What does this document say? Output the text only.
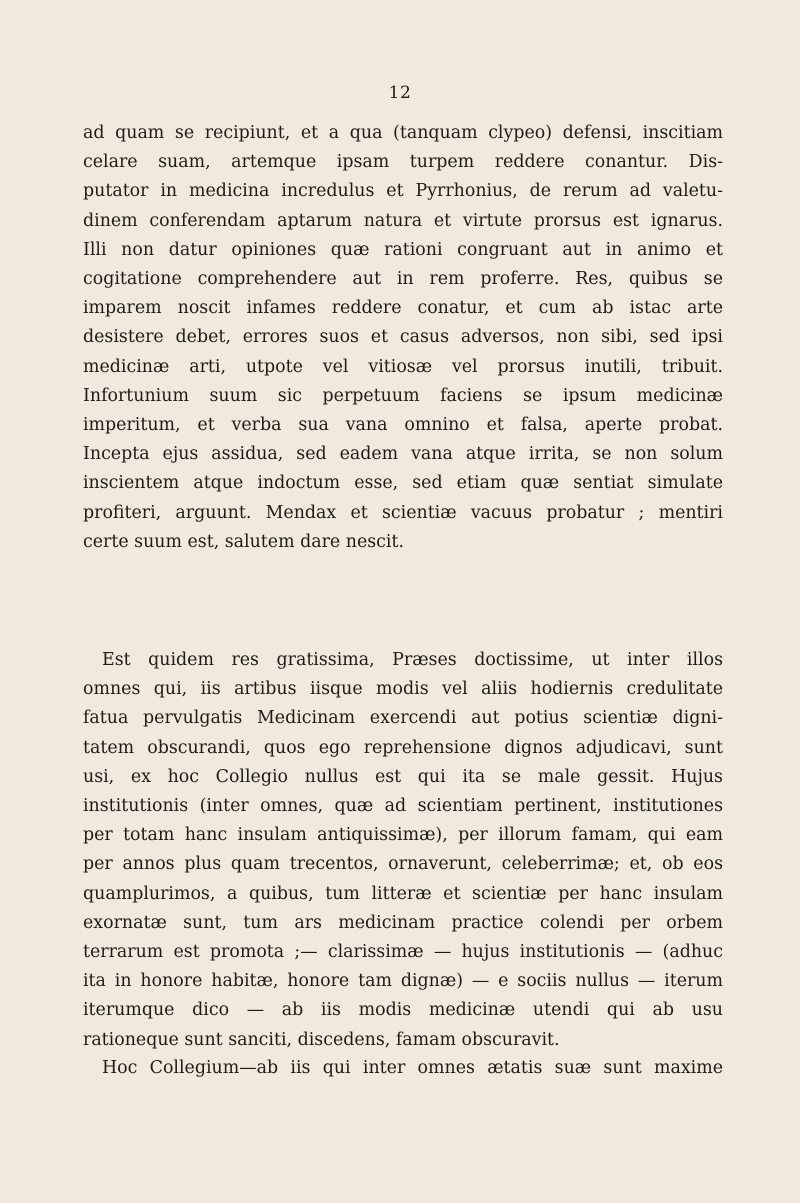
12
ad quam se recipiunt, et a qua (tanquam clypeo) defensi, inscitiam
celare suam, artemque ipsam turpem reddere conantur. Dis-
putator in medicina incredulus et Pyrrhonius, de rerum ad valetu-
dinem conferendam aptarum natura et virtute prorsus est ignarus.
Illi non datur opiniones quæ rationi congruant aut in animo et
cogitatione comprehendere aut in rem proferre. Res, quibus se
imparem noscit infames reddere conatur, et cum ab istac arte
desistere debet, errores suos et casus adversos, non sibi, sed ipsi
medicinæ arti, utpote vel vitiosæ vel prorsus inutili, tribuit.
Infortunium suum sic perpetuum faciens se ipsum medicinæ
imperitum, et verba sua vana omnino et falsa, aperte probat.
Incepta ejus assidua, sed eadem vana atque irrita, se non solum
inscientem atque indoctum esse, sed etiam quæ sentiat simulate
profiteri, arguunt. Mendax et scientiæ vacuus probatur ; mentiri
certe suum est, salutem dare nescit.
Est quidem res gratissima, Præses doctissime, ut inter illos
omnes qui, iis artibus iisque modis vel aliis hodiernis credulitate
fatua pervulgatis Medicinam exercendi aut potius scientiæ digni-
tatem obscurandi, quos ego reprehensione dignos adjudicavi, sunt
usi, ex hoc Collegio nullus est qui ita se male gessit. Hujus
institutionis (inter omnes, quæ ad scientiam pertinent, institutiones
per totam hanc insulam antiquissimæ), per illorum famam, qui eam
per annos plus quam trecentos, ornaverunt, celeberrimæ; et, ob eos
quamplurimos, a quibus, tum litteræ et scientiæ per hanc insulam
exornatæ sunt, tum ars medicinam practice colendi per orbem
terrarum est promota ;— clarissimæ — hujus institutionis — (adhuc
ita in honore habitæ, honore tam dignæ) — e sociis nullus — iterum
iterumque dico — ab iis modis medicinæ utendi qui ab usu
rationeque sunt sanciti, discedens, famam obscuravit.
Hoc Collegium—ab iis qui inter omnes ætatis suæ sunt maxime
